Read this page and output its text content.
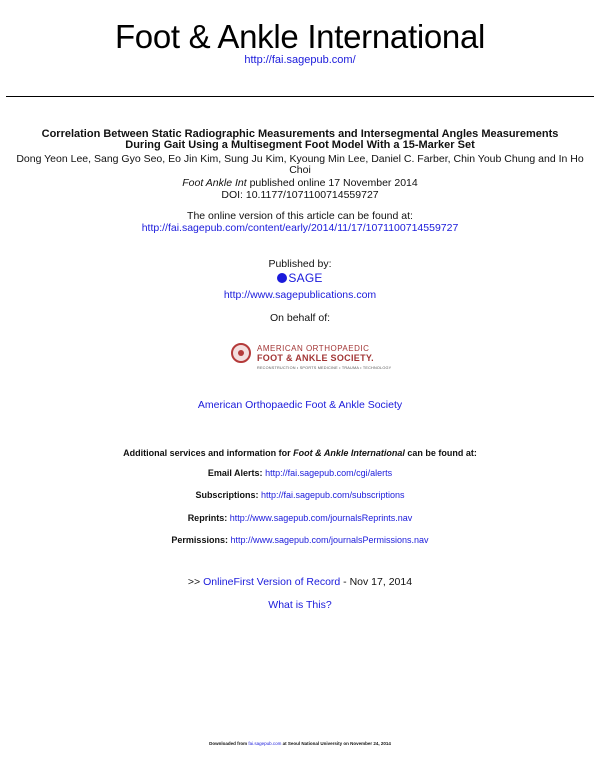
Foot & Ankle International
http://fai.sagepub.com/
Correlation Between Static Radiographic Measurements and Intersegmental Angles Measurements
During Gait Using a Multisegment Foot Model With a 15-Marker Set
Dong Yeon Lee, Sang Gyo Seo, Eo Jin Kim, Sung Ju Kim, Kyoung Min Lee, Daniel C. Farber, Chin Youb Chung and In Ho
Choi
Foot Ankle Int published online 17 November 2014
DOI: 10.1177/1071100714559727
The online version of this article can be found at:
http://fai.sagepub.com/content/early/2014/11/17/1071100714559727
Published by:
SAGE
http://www.sagepublications.com
On behalf of:
AMERICAN ORTHOPAEDIC
FOOT & ANKLE SOCIETY.
RECONSTRUCTION • SPORTS MEDICINE • TRAUMA • TECHNOLOGY
American Orthopaedic Foot & Ankle Society
Additional services and information for Foot & Ankle International can be found at:
Email Alerts: http://fai.sagepub.com/cgi/alerts
Subscriptions: http://fai.sagepub.com/subscriptions
Reprints: http://www.sagepub.com/journalsReprints.nav
Permissions: http://www.sagepub.com/journalsPermissions.nav
>> OnlineFirst Version of Record - Nov 17, 2014
What is This?
Downloaded from fai.sagepub.com at Seoul National University on November 24, 2014
